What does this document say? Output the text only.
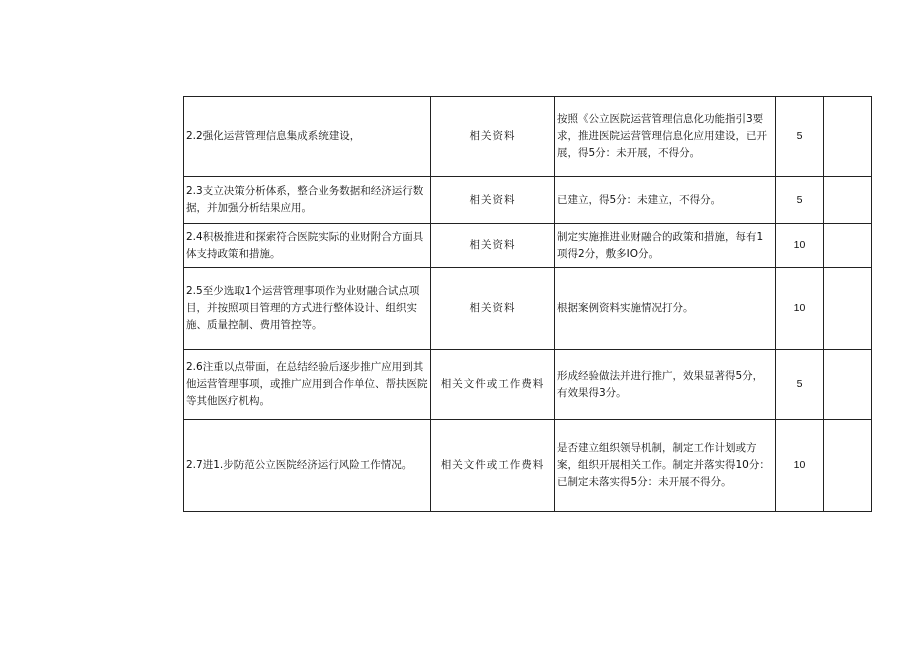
2.2强化运营管理信息集成系统建设，	相关资料	按照《公立医院运营管理信息化功能指引3要求，推进医院运营管理信息化应用建设，已开展，得5分：未开展，不得分。	5	
2.3支立决策分析体系，整合业务数据和经济运行数据，并加强分析结果应用。	相关资料	已建立，得5分：未建立，不得分。	5	
2.4积极推进和探索符合医院实际的业财附合方面具体支持政策和措施。	相关资料	制定实施推进业财融合的政策和措施，每有1项得2分，敷多IO分。	10	
2.5至少选取1个运营管理事项作为业财融合试点项目，并按照项目管理的方式进行整体设计、组织实施、质量控制、费用管控等。	相关资料	根据案例资料实施情况打分。	10	
2.6注重以点带面，在总结经验后逐步推广应用到其他运营管理事项，或推广应用到合作单位、帮扶医院等其他医疗机构。	相关文件或工作费料	形成经验做法并进行推广，效果显著得5分，有效果得3分。	5	
2.7进1.步防范公立医院经济运行风险工作情况。	相关文件或工作费料	是否建立组织领导机制，制定工作计划或方案，组织开展相关工作。制定并落实得10分：已制定未落实得5分：未开展不得分。	10	
